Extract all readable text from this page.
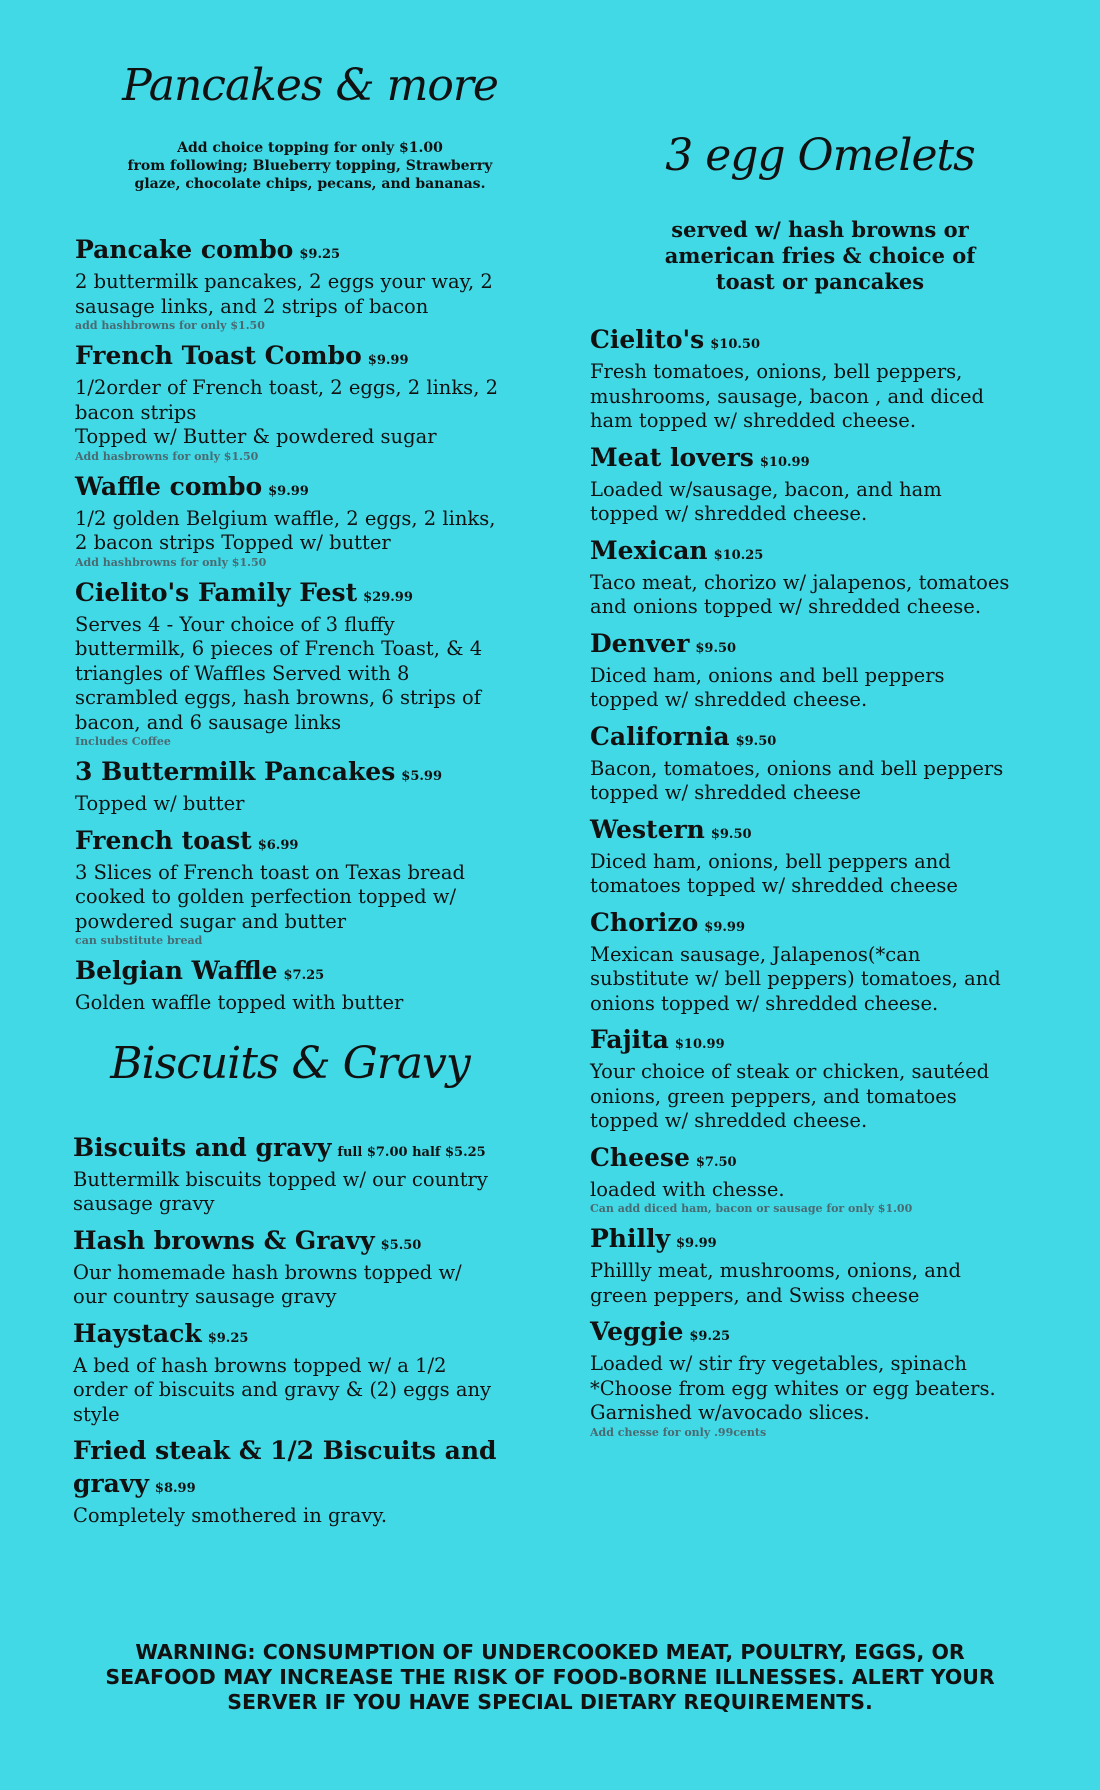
Pancakes & more
Add choice topping for only $1.00
from following; Blueberry topping, Strawberry
glaze, chocolate chips, pecans, and bananas.
Pancake combo $9.25
2 buttermilk pancakes, 2 eggs your way, 2
sausage links, and 2 strips of bacon
add hashbrowns for only $1.50
French Toast Combo $9.99
1/2order of French toast, 2 eggs, 2 links, 2
bacon strips
Topped w/ Butter & powdered sugar
Add hasbrowns for only $1.50
Waffle combo $9.99
1/2 golden Belgium waffle, 2 eggs, 2 links,
2 bacon strips Topped w/ butter
Add hashbrowns for only $1.50
Cielito's Family Fest $29.99
Serves 4 - Your choice of 3 fluffy
buttermilk, 6 pieces of French Toast, & 4
triangles of Waffles Served with 8
scrambled eggs, hash browns, 6 strips of
bacon, and 6 sausage links
Includes Coffee
3 Buttermilk Pancakes $5.99
Topped w/ butter
French toast $6.99
3 Slices of French toast on Texas bread
cooked to golden perfection topped w/
powdered sugar and butter
can substitute bread
Belgian Waffle $7.25
Golden waffle topped with butter
Biscuits & Gravy
Biscuits and gravy full $7.00 half $5.25
Buttermilk biscuits topped w/ our country
sausage gravy
Hash browns & Gravy $5.50
Our homemade hash browns topped w/
our country sausage gravy
Haystack $9.25
A bed of hash browns topped w/ a 1/2
order of biscuits and gravy & (2) eggs any
style
Fried steak & 1/2 Biscuits and gravy $8.99
Completely smothered in gravy.
3 egg Omelets
served w/ hash browns or
american fries & choice of
toast or pancakes
Cielito's $10.50
Fresh tomatoes, onions, bell peppers,
mushrooms, sausage, bacon , and diced
ham topped w/ shredded cheese.
Meat lovers $10.99
Loaded w/sausage, bacon, and ham
topped w/ shredded cheese.
Mexican $10.25
Taco meat, chorizo w/ jalapenos, tomatoes
and onions topped w/ shredded cheese.
Denver $9.50
Diced ham, onions and bell peppers
topped w/ shredded cheese.
California $9.50
Bacon, tomatoes, onions and bell peppers
topped w/ shredded cheese
Western $9.50
Diced ham, onions, bell peppers and
tomatoes topped w/ shredded cheese
Chorizo $9.99
Mexican sausage, Jalapenos(*can
substitute w/ bell peppers) tomatoes, and
onions topped w/ shredded cheese.
Fajita $10.99
Your choice of steak or chicken, sautéed
onions, green peppers, and tomatoes
topped w/ shredded cheese.
Cheese $7.50
loaded with chesse.
Can add diced ham, bacon or sausage for only $1.00
Philly $9.99
Phillly meat, mushrooms, onions, and
green peppers, and Swiss cheese
Veggie $9.25
Loaded w/ stir fry vegetables, spinach
*Choose from egg whites or egg beaters.
Garnished w/avocado slices.
Add chesse for only .99cents
WARNING: CONSUMPTION OF UNDERCOOKED MEAT, POULTRY, EGGS, OR
SEAFOOD MAY INCREASE THE RISK OF FOOD-BORNE ILLNESSES. ALERT YOUR
SERVER IF YOU HAVE SPECIAL DIETARY REQUIREMENTS.
